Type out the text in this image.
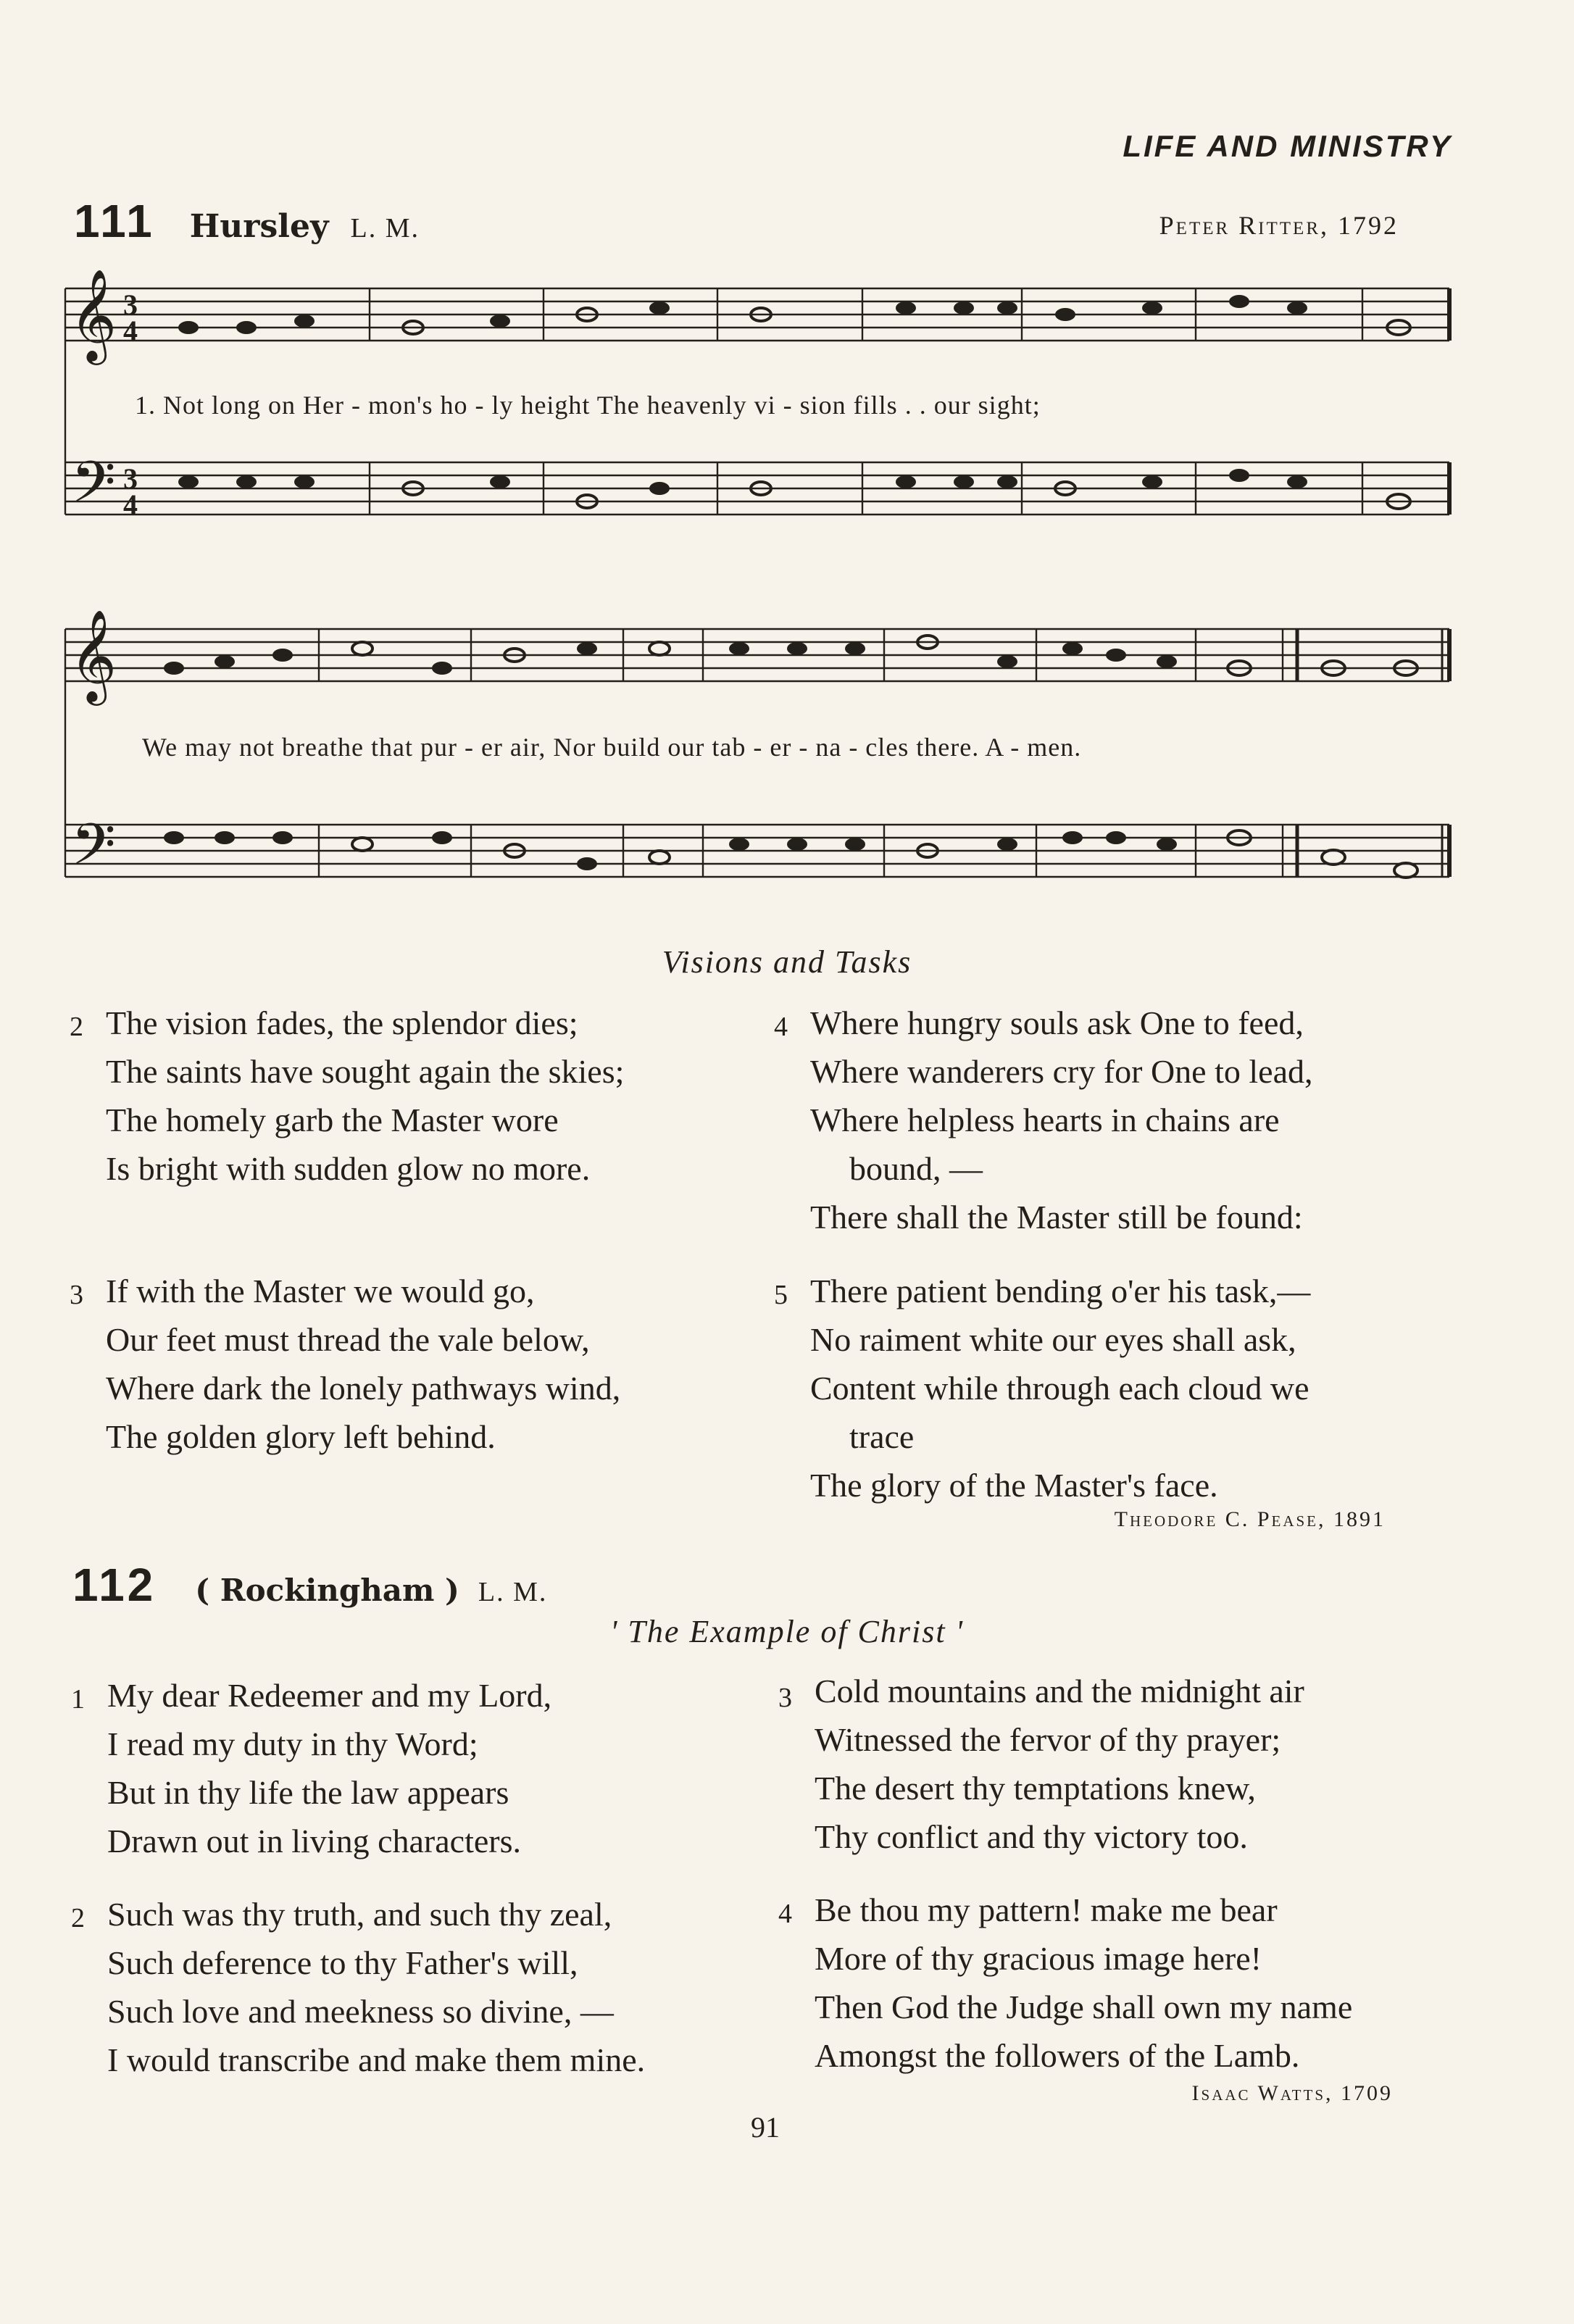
LIFE AND MINISTRY
111 Hursley L. M.	Peter Ritter, 1792
𝄞
𝄢
3
4
3
4
1. Not long on Her - mon's ho - ly height The heavenly vi - sion fills . . our sight;
𝄞
𝄢
We may not breathe that pur - er air, Nor build our tab - er - na - cles there. A - men.
Visions and Tasks
2 The vision fades, the splendor dies;
The saints have sought again the skies;
The homely garb the Master wore
Is bright with sudden glow no more.
3 If with the Master we would go,
Our feet must thread the vale below,
Where dark the lonely pathways wind,
The golden glory left behind.
4 Where hungry souls ask One to feed,
Where wanderers cry for One to lead,
Where helpless hearts in chains are
bound, —
There shall the Master still be found:
5 There patient bending o'er his task,—
No raiment white our eyes shall ask,
Content while through each cloud we
trace
The glory of the Master's face.
Theodore C. Pease, 1891
112 ( Rockingham ) L. M.
' The Example of Christ '
1 My dear Redeemer and my Lord,
I read my duty in thy Word;
But in thy life the law appears
Drawn out in living characters.
2 Such was thy truth, and such thy zeal,
Such deference to thy Father's will,
Such love and meekness so divine, —
I would transcribe and make them mine.
3 Cold mountains and the midnight air
Witnessed the fervor of thy prayer;
The desert thy temptations knew,
Thy conflict and thy victory too.
4 Be thou my pattern! make me bear
More of thy gracious image here!
Then God the Judge shall own my name
Amongst the followers of the Lamb.
Isaac Watts, 1709
91
